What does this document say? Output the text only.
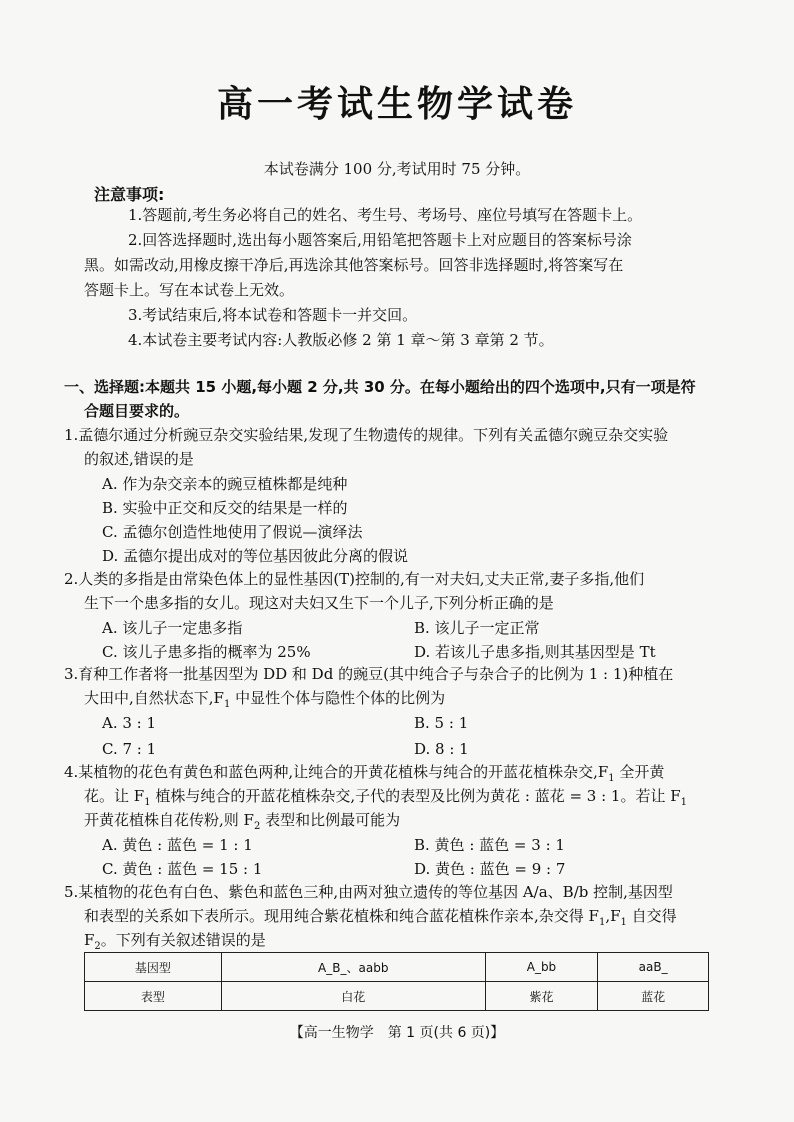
高一考试生物学试卷
本试卷满分 100 分,考试用时 75 分钟。
注意事项:
1.答题前,考生务必将自己的姓名、考生号、考场号、座位号填写在答题卡上。
2.回答选择题时,选出每小题答案后,用铅笔把答题卡上对应题目的答案标号涂
黑。如需改动,用橡皮擦干净后,再选涂其他答案标号。回答非选择题时,将答案写在
答题卡上。写在本试卷上无效。
3.考试结束后,将本试卷和答题卡一并交回。
4.本试卷主要考试内容:人教版必修 2 第 1 章～第 3 章第 2 节。
一、选择题:本题共 15 小题,每小题 2 分,共 30 分。在每小题给出的四个选项中,只有一项是符
合题目要求的。
1.孟德尔通过分析豌豆杂交实验结果,发现了生物遗传的规律。下列有关孟德尔豌豆杂交实验
的叙述,错误的是
A. 作为杂交亲本的豌豆植株都是纯种
B. 实验中正交和反交的结果是一样的
C. 孟德尔创造性地使用了假说—演绎法
D. 孟德尔提出成对的等位基因彼此分离的假说
2.人类的多指是由常染色体上的显性基因(T)控制的,有一对夫妇,丈夫正常,妻子多指,他们
生下一个患多指的女儿。现这对夫妇又生下一个儿子,下列分析正确的是
A. 该儿子一定患多指	B. 该儿子一定正常
C. 该儿子患多指的概率为 25%	D. 若该儿子患多指,则其基因型是 Tt
3.育种工作者将一批基因型为 DD 和 Dd 的豌豆(其中纯合子与杂合子的比例为 1 : 1)种植在
大田中,自然状态下$,F_1$ 中显性个体与隐性个体的比例为
A. 3 : 1	B. 5 : 1
C. 7 : 1	D. 8 : 1
4.某植物的花色有黄色和蓝色两种,让纯合的开黄花植株与纯合的开蓝花植株杂交$,F_1$ 全开黄
花。让 $F_1$ 植株与纯合的开蓝花植株杂交,子代的表型及比例为黄花 : 蓝花 = 3 : 1。若让 $F_1$
开黄花植株自花传粉,则 $F_2$ 表型和比例最可能为
A. 黄色 : 蓝色 = 1 : 1	B. 黄色 : 蓝色 = 3 : 1
C. 黄色 : 蓝色 = 15 : 1	D. 黄色 : 蓝色 = 9 : 7
5.某植物的花色有白色、紫色和蓝色三种,由两对独立遗传的等位基因 A/a、B/b 控制,基因型
和表型的关系如下表所示。现用纯合紫花植株和纯合蓝花植株作亲本,杂交得 $F_1,F_1$ 自交得
$F_2$。下列有关叙述错误的是
基因型	A_B_、aabb	A_bb	aaB_
表型	白花	紫花	蓝花
【高一生物学　第 1 页(共 6 页)】
